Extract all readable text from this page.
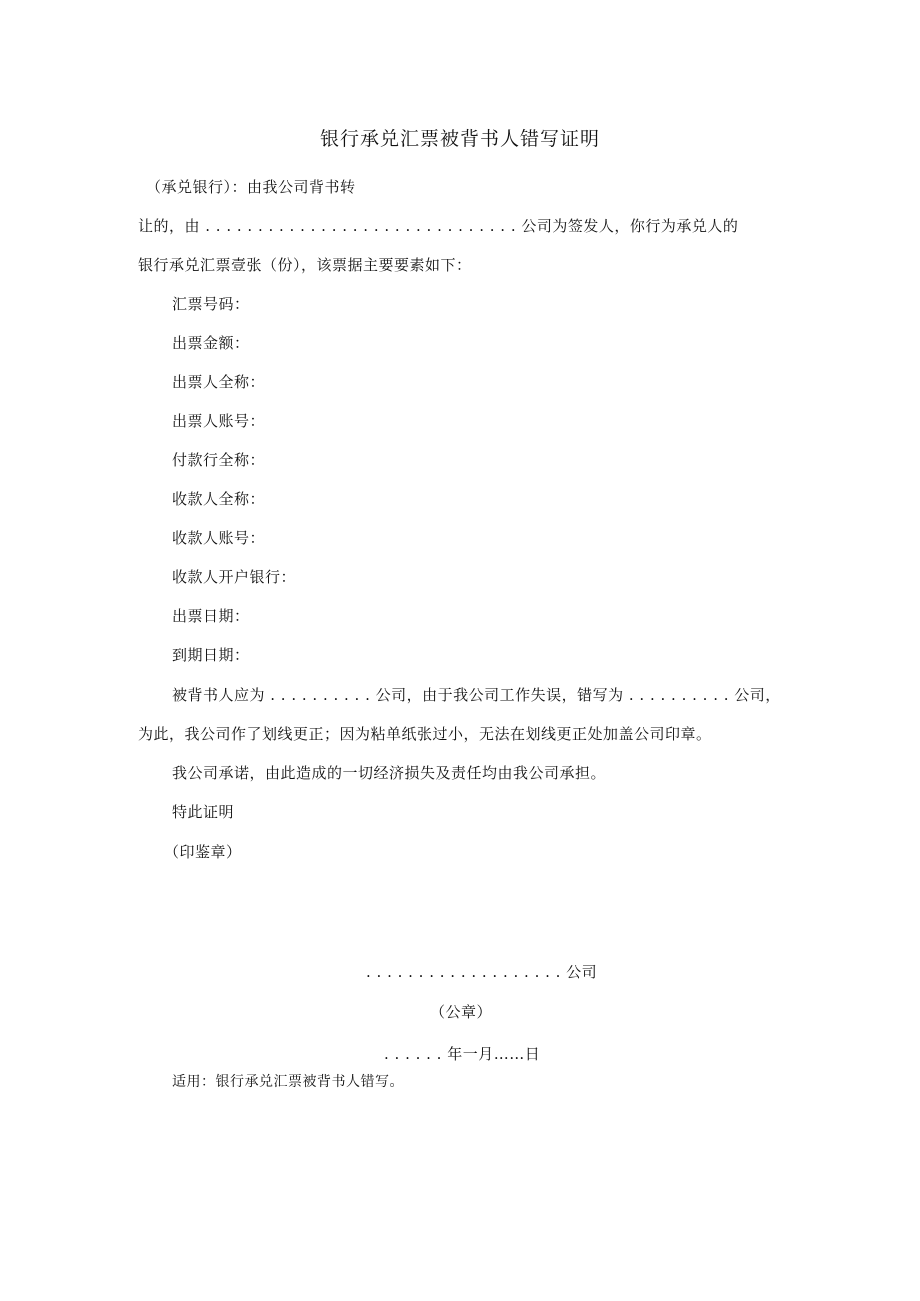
银行承兑汇票被背书人错写证明
（承兑银行）：由我公司背书转
让的，由 . . . . . . . . . . . . . . . . . . . . . . . . . . . . . . 公司为签发人，你行为承兑人的
银行承兑汇票壹张（份），该票据主要要素如下：
汇票号码：
出票金额：
出票人全称：
出票人账号：
付款行全称：
收款人全称：
收款人账号：
收款人开户银行：
出票日期：
到期日期：
被背书人应为 . . . . . . . . . . 公司，由于我公司工作失误，错写为 . . . . . . . . . . 公司，
为此，我公司作了划线更正；因为粘单纸张过小，无法在划线更正处加盖公司印章。
我公司承诺，由此造成的一切经济损失及责任均由我公司承担。
特此证明
（印鉴章）
. . . . . . . . . . . . . . . . . . . 公司
（公章）
. . . . . . 年一月……日
适用：银行承兑汇票被背书人错写。
